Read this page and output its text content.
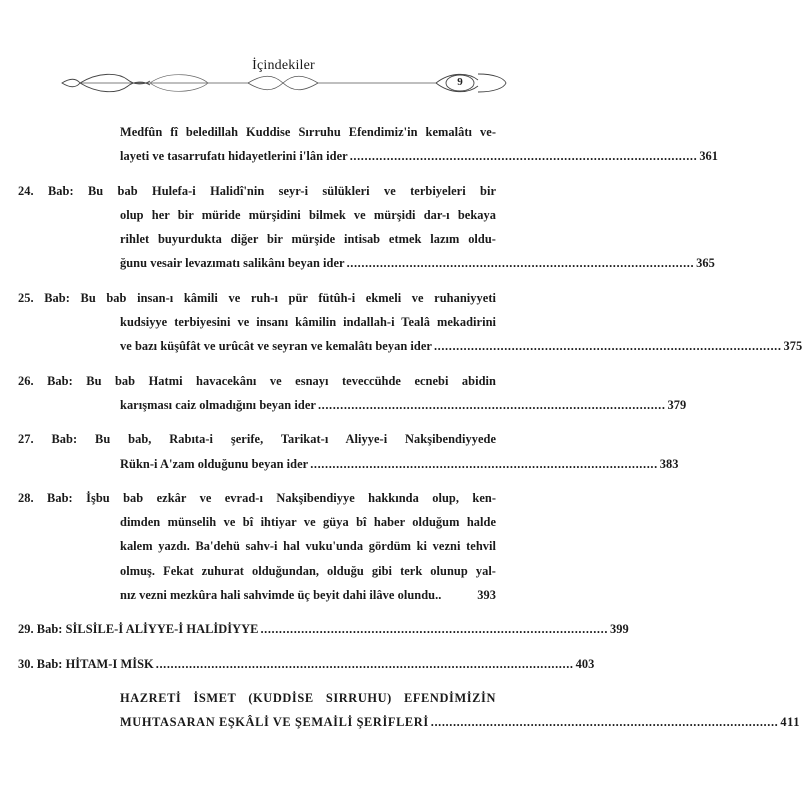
İçindekiler
9
Medfûn fî beledillah Kuddise Sırruhu Efendimiz'in kemalâtı ve-
layeti ve tasarrufatı hidayetlerini i'lân ider .............................................................................................. 361
24. Bab: Bu bab Hulefa-i Halidî'nin seyr-i sülükleri ve terbiyeleri bir
olup her bir müride mürşidini bilmek ve mürşidi dar-ı bekaya
rihlet buyurdukta diğer bir mürşide intisab etmek lazım oldu-
ğunu vesair levazımatı salikânı beyan ider .............................................................................................. 365
25. Bab: Bu bab insan-ı kâmili ve ruh-ı pür fütûh-i ekmeli ve ruhaniyyeti
kudsiyye terbiyesini ve insanı kâmilin indallah-i Tealâ mekadirini
ve bazı küşûfât ve urûcât ve seyran ve kemalâtı beyan ider .............................................................................................. 375
26. Bab: Bu bab Hatmi havacekânı ve esnayı teveccühde ecnebi abidin
karışması caiz olmadığını beyan ider .............................................................................................. 379
27. Bab: Bu bab, Rabıta-i şerife, Tarikat-ı Aliyye-i Nakşibendiyyede
Rükn-i A'zam olduğunu beyan ider .............................................................................................. 383
28. Bab: İşbu bab ezkâr ve evrad-ı Nakşibendiyye hakkında olup, ken-
dimden münselih ve bî ihtiyar ve güya bî haber olduğum halde
kalem yazdı. Ba'dehü sahv-i hal vuku'unda gördüm ki vezni tehvil
olmuş. Fekat zuhurat olduğundan, olduğu gibi terk olunup yal-
nız vezni mezkûra hali sahvimde üç beyit dahi ilâve olundu..	393
29. Bab: SİLSİLE-İ ALİYYE-İ HALİDİYYE .............................................................................................. 399
30. Bab: HİTAM-I MİSK ................................................................................................................. 403
HAZRETİ İSMET (KUDDİSE SIRRUHU) EFENDİMİZİN
MUHTASARAN EŞKÂLİ VE ŞEMAİLİ ŞERİFLERİ .............................................................................................. 411
